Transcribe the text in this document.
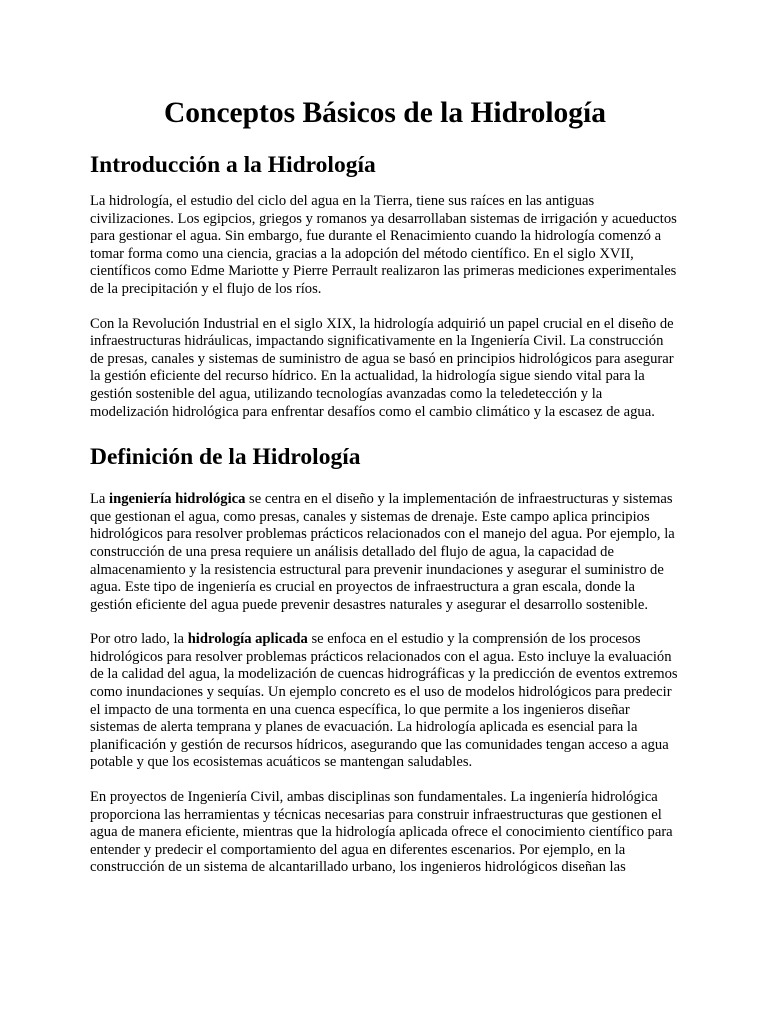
Conceptos Básicos de la Hidrología
Introducción a la Hidrología

La hidrología, el estudio del ciclo del agua en la Tierra, tiene sus raíces en las antiguas civilizaciones. Los egipcios, griegos y romanos ya desarrollaban sistemas de irrigación y acueductos para gestionar el agua. Sin embargo, fue durante el Renacimiento cuando la hidrología comenzó a tomar forma como una ciencia, gracias a la adopción del método científico. En el siglo XVII, científicos como Edme Mariotte y Pierre Perrault realizaron las primeras mediciones experimentales de la precipitación y el flujo de los ríos.

Con la Revolución Industrial en el siglo XIX, la hidrología adquirió un papel crucial en el diseño de infraestructuras hidráulicas, impactando significativamente en la Ingeniería Civil. La construcción de presas, canales y sistemas de suministro de agua se basó en principios hidrológicos para asegurar la gestión eficiente del recurso hídrico. En la actualidad, la hidrología sigue siendo vital para la gestión sostenible del agua, utilizando tecnologías avanzadas como la teledetección y la modelización hidrológica para enfrentar desafíos como el cambio climático y la escasez de agua.

Definición de la Hidrología

La ingeniería hidrológica se centra en el diseño y la implementación de infraestructuras y sistemas que gestionan el agua, como presas, canales y sistemas de drenaje. Este campo aplica principios hidrológicos para resolver problemas prácticos relacionados con el manejo del agua. Por ejemplo, la construcción de una presa requiere un análisis detallado del flujo de agua, la capacidad de almacenamiento y la resistencia estructural para prevenir inundaciones y asegurar el suministro de agua. Este tipo de ingeniería es crucial en proyectos de infraestructura a gran escala, donde la gestión eficiente del agua puede prevenir desastres naturales y asegurar el desarrollo sostenible.

Por otro lado, la hidrología aplicada se enfoca en el estudio y la comprensión de los procesos hidrológicos para resolver problemas prácticos relacionados con el agua. Esto incluye la evaluación de la calidad del agua, la modelización de cuencas hidrográficas y la predicción de eventos extremos como inundaciones y sequías. Un ejemplo concreto es el uso de modelos hidrológicos para predecir el impacto de una tormenta en una cuenca específica, lo que permite a los ingenieros diseñar sistemas de alerta temprana y planes de evacuación. La hidrología aplicada es esencial para la planificación y gestión de recursos hídricos, asegurando que las comunidades tengan acceso a agua potable y que los ecosistemas acuáticos se mantengan saludables.

En proyectos de Ingeniería Civil, ambas disciplinas son fundamentales. La ingeniería hidrológica proporciona las herramientas y técnicas necesarias para construir infraestructuras que gestionen el agua de manera eficiente, mientras que la hidrología aplicada ofrece el conocimiento científico para entender y predecir el comportamiento del agua en diferentes escenarios. Por ejemplo, en la construcción de un sistema de alcantarillado urbano, los ingenieros hidrológicos diseñan las
